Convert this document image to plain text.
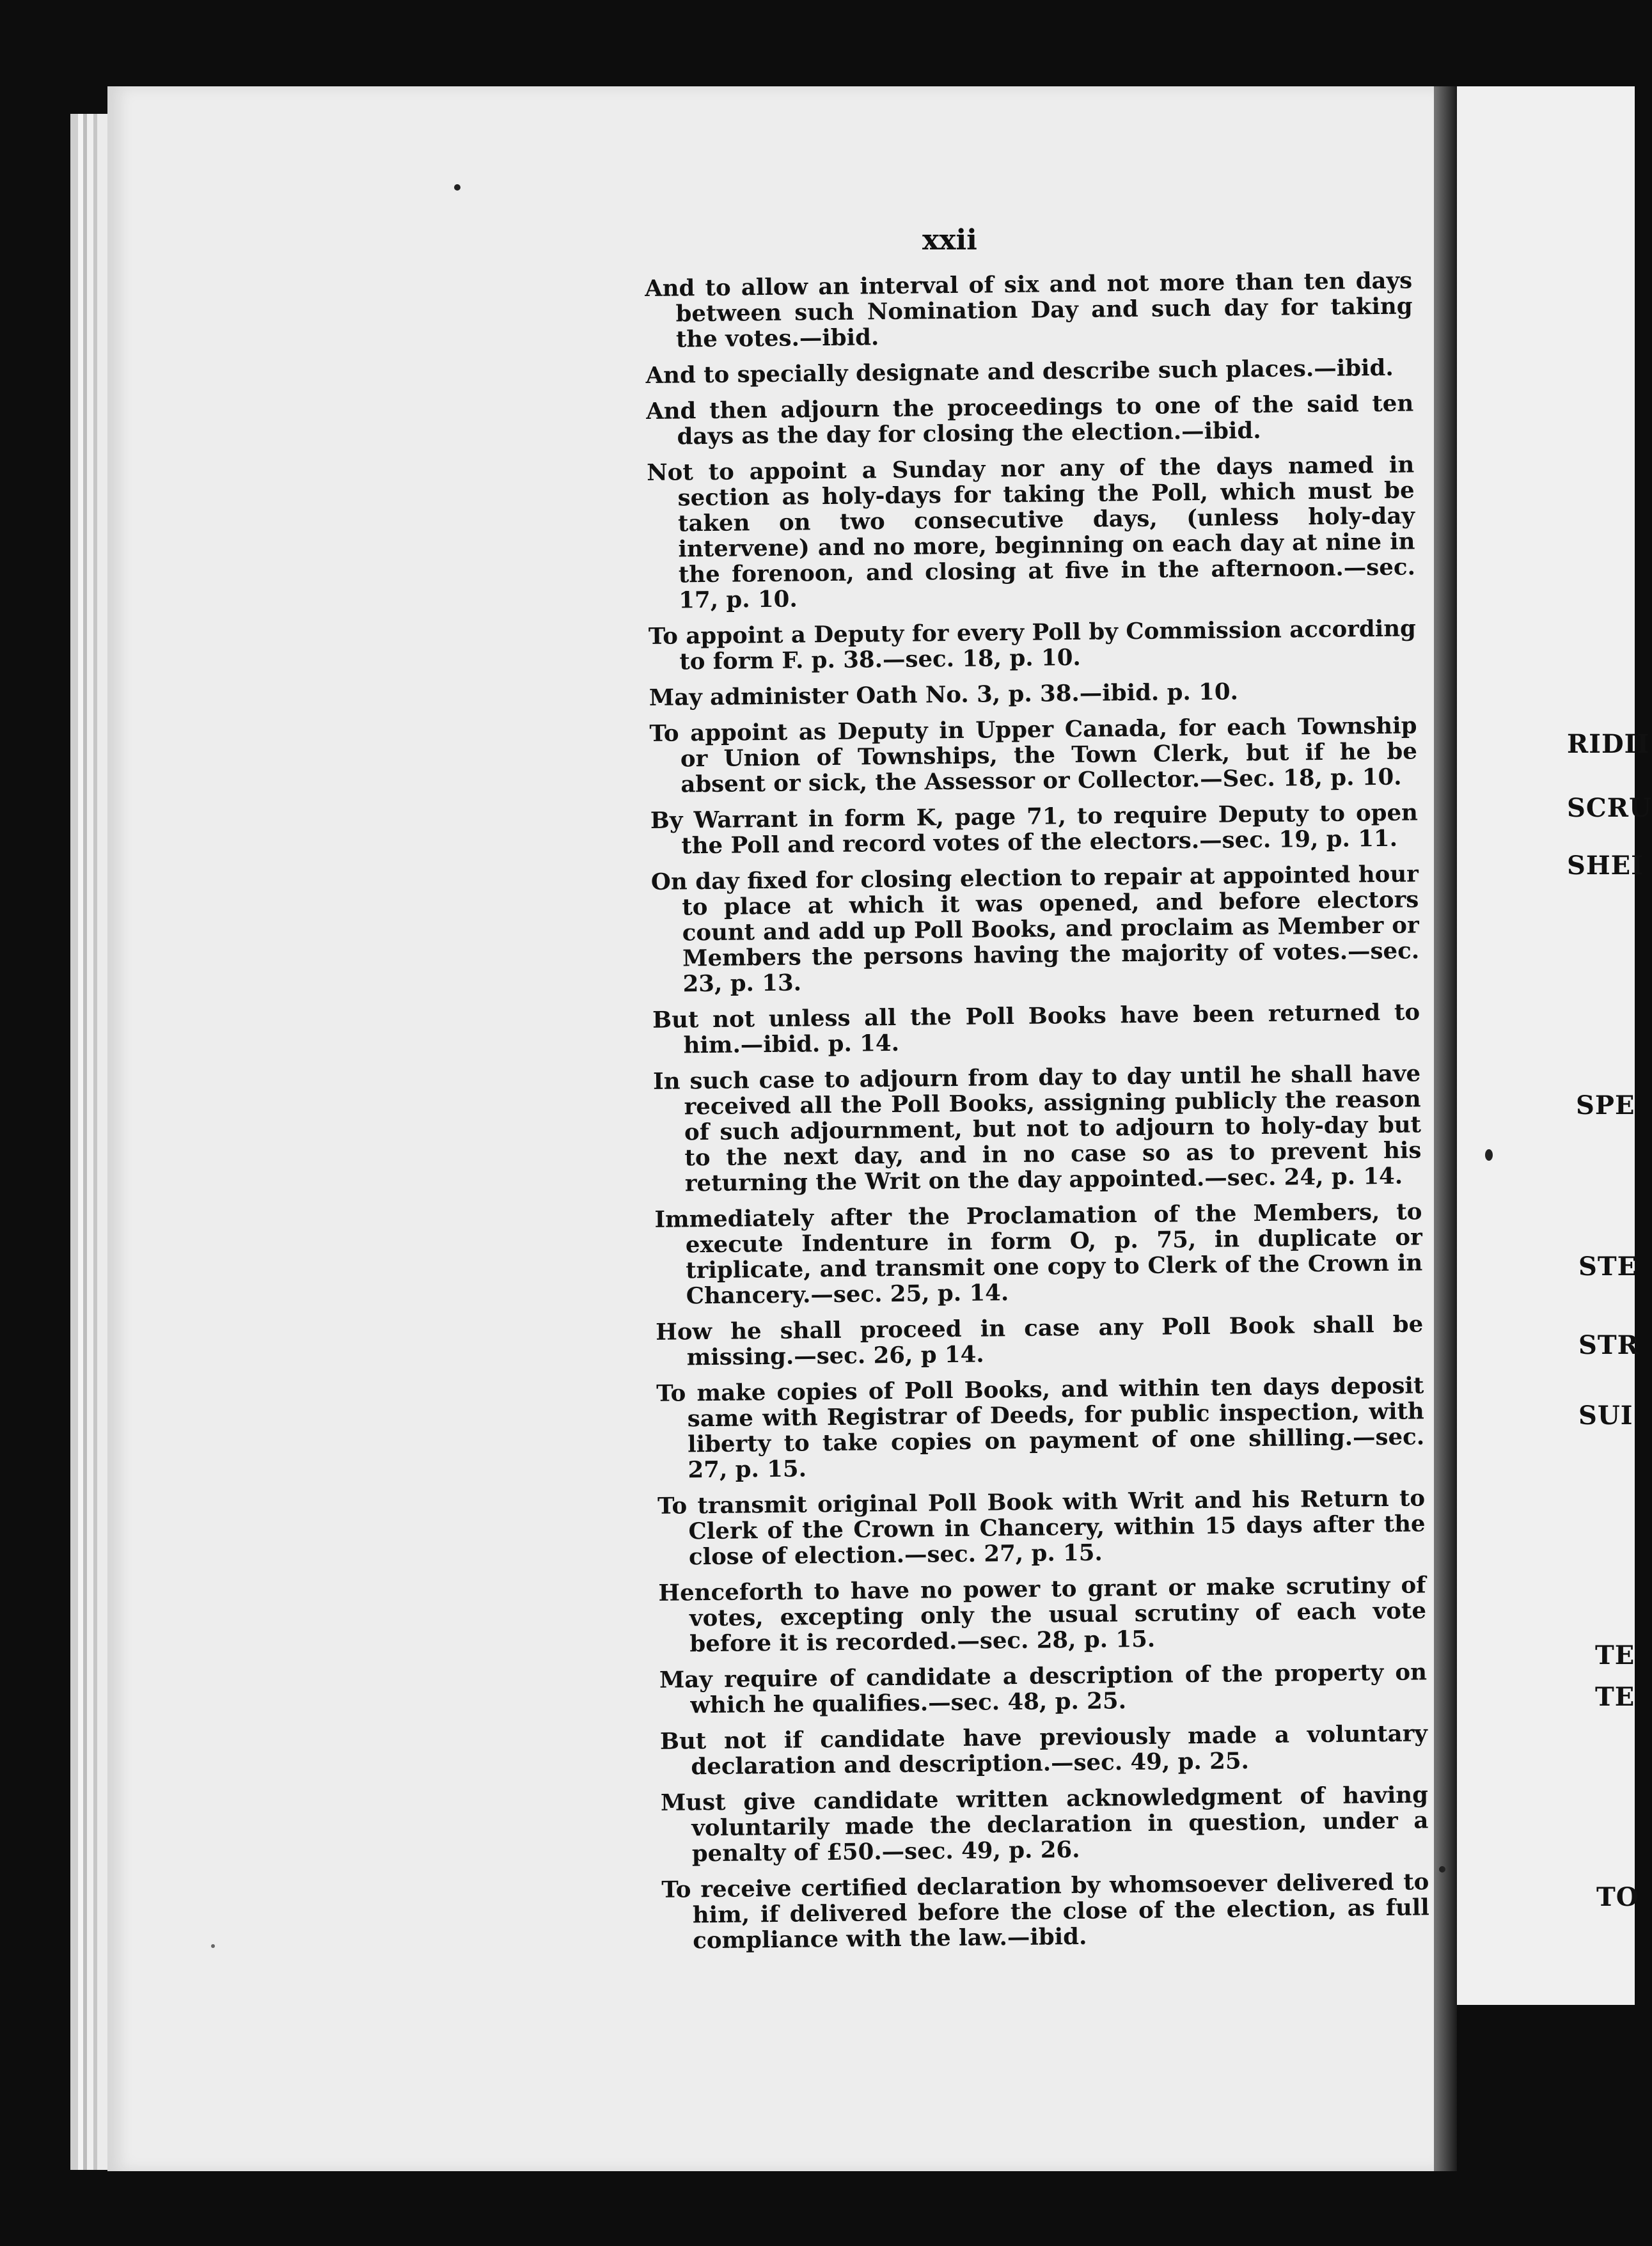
RIDII
SCRU
SHEI
SPE
STE
STR
SUI
TE
TE
TO
xxii
And to allow an interval of six and not more than ten days between such Nomination Day and such day for taking the votes.—ibid.
And to specially designate and describe such places.—ibid.
And then adjourn the proceedings to one of the said ten days as the day for closing the election.—ibid.
Not to appoint a Sunday nor any of the days named in section as holy-days for taking the Poll, which must be taken on two consecutive days, (unless holy-day intervene) and no more, beginning on each day at nine in the forenoon, and closing at five in the afternoon.—sec. 17, p. 10.
To appoint a Deputy for every Poll by Commission according to form F. p. 38.—sec. 18, p. 10.
May administer Oath No. 3, p. 38.—ibid. p. 10.
To appoint as Deputy in Upper Canada, for each Township or Union of Townships, the Town Clerk, but if he be absent or sick, the Assessor or Collector.—Sec. 18, p. 10.
By Warrant in form K, page 71, to require Deputy to open the Poll and record votes of the electors.—sec. 19, p. 11.
On day fixed for closing election to repair at appointed hour to place at which it was opened, and before electors count and add up Poll Books, and proclaim as Member or Members the persons having the majority of votes.—sec. 23, p. 13.
But not unless all the Poll Books have been returned to him.—ibid. p. 14.
In such case to adjourn from day to day until he shall have received all the Poll Books, assigning publicly the reason of such adjournment, but not to adjourn to holy-day but to the next day, and in no case so as to prevent his returning the Writ on the day appointed.—sec. 24, p. 14.
Immediately after the Proclamation of the Members, to execute Indenture in form O, p. 75, in duplicate or triplicate, and transmit one copy to Clerk of the Crown in Chancery.—sec. 25, p. 14.
How he shall proceed in case any Poll Book shall be missing.—sec. 26, p 14.
To make copies of Poll Books, and within ten days deposit same with Registrar of Deeds, for public inspection, with liberty to take copies on payment of one shilling.—sec. 27, p. 15.
To transmit original Poll Book with Writ and his Return to Clerk of the Crown in Chancery, within 15 days after the close of election.—sec. 27, p. 15.
Henceforth to have no power to grant or make scrutiny of votes, excepting only the usual scrutiny of each vote before it is recorded.—sec. 28, p. 15.
May require of candidate a description of the property on which he qualifies.—sec. 48, p. 25.
But not if candidate have previously made a voluntary declaration and description.—sec. 49, p. 25.
Must give candidate written acknowledgment of having voluntarily made the declaration in question, under a penalty of £50.—sec. 49, p. 26.
To receive certified declaration by whomsoever delivered to him, if delivered before the close of the election, as full compliance with the law.—ibid.
